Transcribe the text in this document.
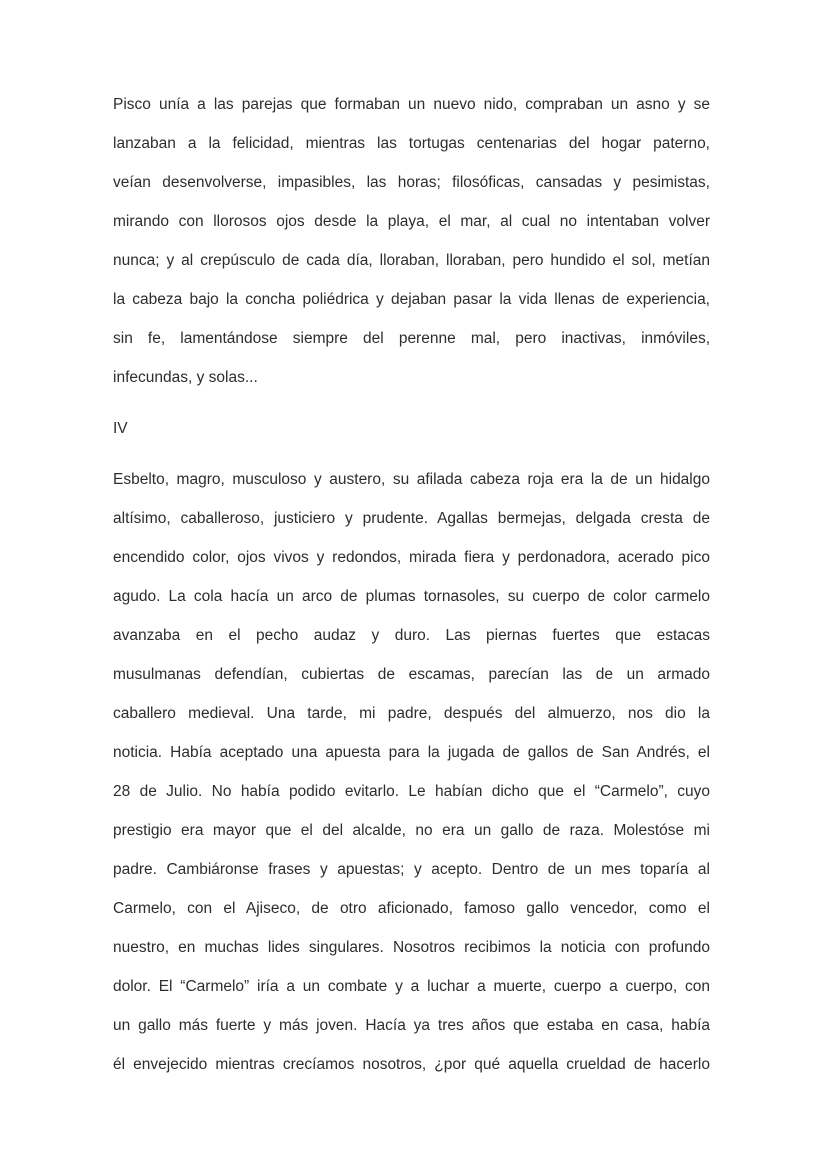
Pisco unía a las parejas que formaban un nuevo nido, compraban un asno y se
lanzaban a la felicidad, mientras las tortugas centenarias del hogar paterno,
veían desenvolverse, impasibles, las horas; filosóficas, cansadas y pesimistas,
mirando con llorosos ojos desde la playa, el mar, al cual no intentaban volver
nunca; y al crepúsculo de cada día, lloraban, lloraban, pero hundido el sol, metían
la cabeza bajo la concha poliédrica y dejaban pasar la vida llenas de experiencia,
sin fe, lamentándose siempre del perenne mal, pero inactivas, inmóviles,
infecundas, y solas...
IV
Esbelto, magro, musculoso y austero, su afilada cabeza roja era la de un hidalgo
altísimo, caballeroso, justiciero y prudente. Agallas bermejas, delgada cresta de
encendido color, ojos vivos y redondos, mirada fiera y perdonadora, acerado pico
agudo. La cola hacía un arco de plumas tornasoles, su cuerpo de color carmelo
avanzaba en el pecho audaz y duro. Las piernas fuertes que estacas
musulmanas defendían, cubiertas de escamas, parecían las de un armado
caballero medieval. Una tarde, mi padre, después del almuerzo, nos dio la
noticia. Había aceptado una apuesta para la jugada de gallos de San Andrés, el
28 de Julio. No había podido evitarlo. Le habían dicho que el “Carmelo”, cuyo
prestigio era mayor que el del alcalde, no era un gallo de raza. Molestóse mi
padre. Cambiáronse frases y apuestas; y acepto. Dentro de un mes toparía al
Carmelo, con el Ajiseco, de otro aficionado, famoso gallo vencedor, como el
nuestro, en muchas lides singulares. Nosotros recibimos la noticia con profundo
dolor. El “Carmelo” iría a un combate y a luchar a muerte, cuerpo a cuerpo, con
un gallo más fuerte y más joven. Hacía ya tres años que estaba en casa, había
él envejecido mientras crecíamos nosotros, ¿por qué aquella crueldad de hacerlo
